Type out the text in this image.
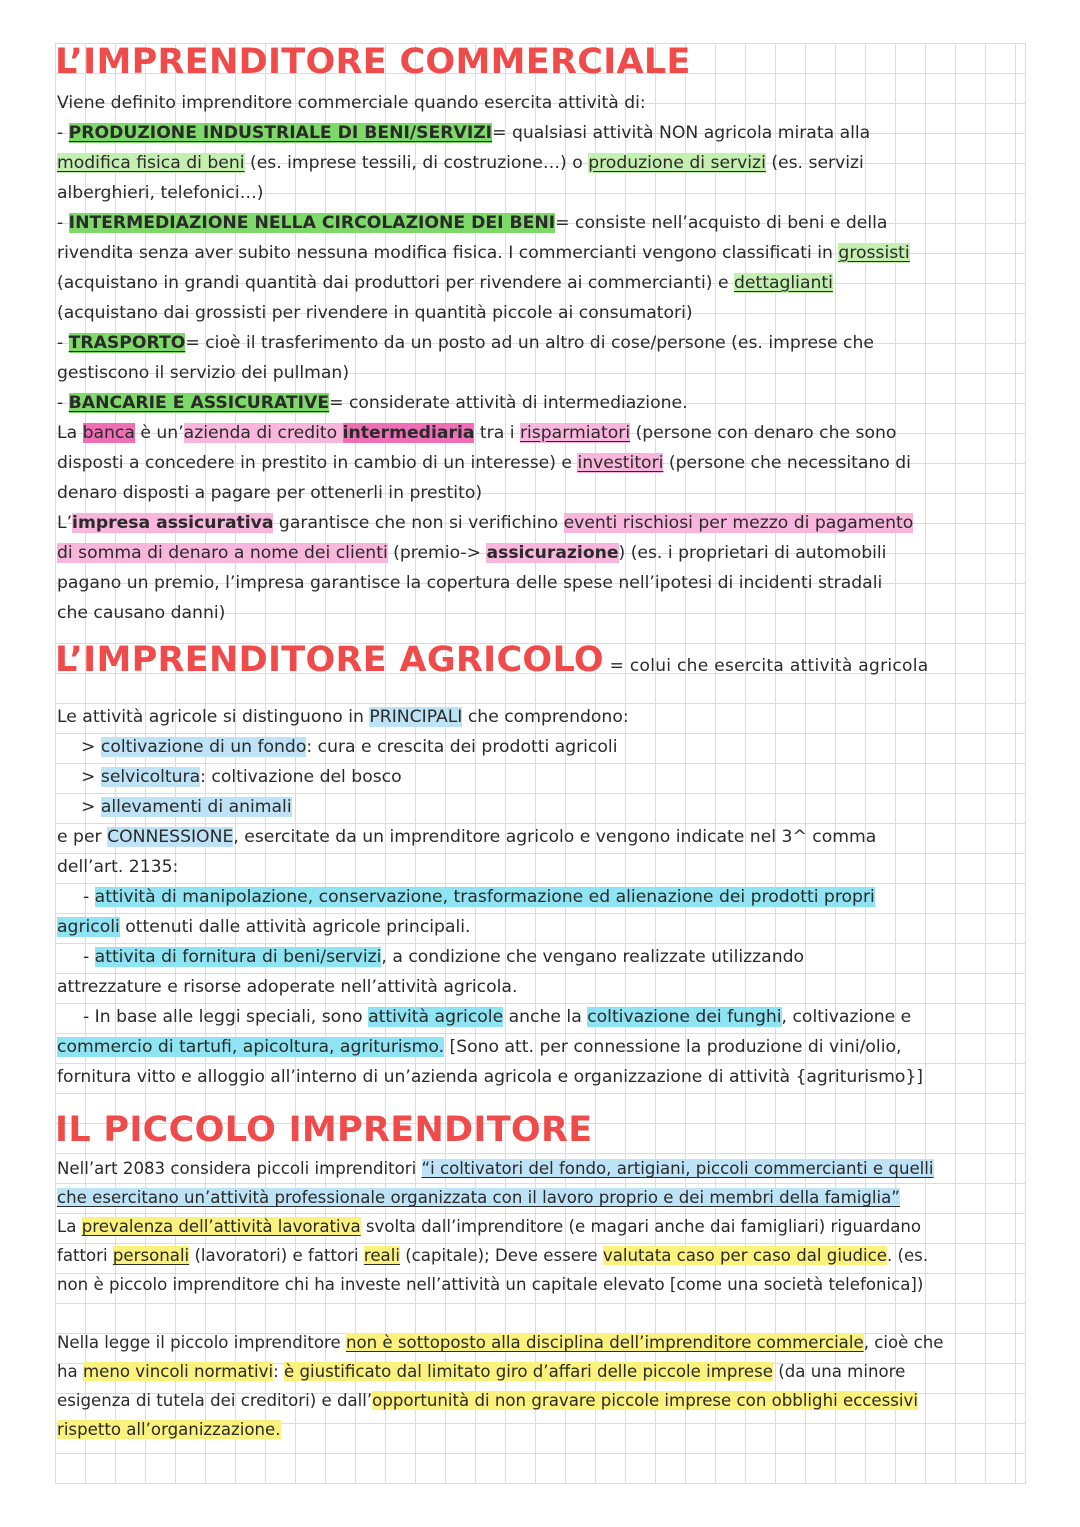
L’IMPRENDITORE COMMERCIALE
Viene definito imprenditore commerciale quando esercita attività di:
- PRODUZIONE INDUSTRIALE DI BENI/SERVIZI= qualsiasi attività NON agricola mirata alla
modifica fisica di beni (es. imprese tessili, di costruzione…) o produzione di servizi (es. servizi
alberghieri, telefonici…)
- INTERMEDIAZIONE NELLA CIRCOLAZIONE DEI BENI= consiste nell’acquisto di beni e della
rivendita senza aver subito nessuna modifica fisica. I commercianti vengono classificati in grossisti
(acquistano in grandi quantità dai produttori per rivendere ai commercianti) e dettaglianti
(acquistano dai grossisti per rivendere in quantità piccole ai consumatori)
- TRASPORTO= cioè il trasferimento da un posto ad un altro di cose/persone (es. imprese che
gestiscono il servizio dei pullman)
- BANCARIE E ASSICURATIVE= considerate attività di intermediazione.
La banca è un’azienda di credito intermediaria tra i risparmiatori (persone con denaro che sono
disposti a concedere in prestito in cambio di un interesse) e investitori (persone che necessitano di
denaro disposti a pagare per ottenerli in prestito)
L’impresa assicurativa garantisce che non si verifichino eventi rischiosi per mezzo di pagamento
di somma di denaro a nome dei clienti (premio-> assicurazione) (es. i proprietari di automobili
pagano un premio, l’impresa garantisce la copertura delle spese nell’ipotesi di incidenti stradali
che causano danni)
L’IMPRENDITORE AGRICOLO = colui che esercita attività agricola
Le attività agricole si distinguono in PRINCIPALI che comprendono:
> coltivazione di un fondo: cura e crescita dei prodotti agricoli
> selvicoltura: coltivazione del bosco
> allevamenti di animali
e per CONNESSIONE, esercitate da un imprenditore agricolo e vengono indicate nel 3^ comma
dell’art. 2135:
- attività di manipolazione, conservazione, trasformazione ed alienazione dei prodotti propri
agricoli ottenuti dalle attività agricole principali.
- attivita di fornitura di beni/servizi, a condizione che vengano realizzate utilizzando
attrezzature e risorse adoperate nell’attività agricola.
- In base alle leggi speciali, sono attività agricole anche la coltivazione dei funghi, coltivazione e
commercio di tartufi, apicoltura, agriturismo. [Sono att. per connessione la produzione di vini/olio,
fornitura vitto e alloggio all’interno di un’azienda agricola e organizzazione di attività {agriturismo}]
IL PICCOLO IMPRENDITORE
Nell’art 2083 considera piccoli imprenditori “i coltivatori del fondo, artigiani, piccoli commercianti e quelli
che esercitano un’attività professionale organizzata con il lavoro proprio e dei membri della famiglia”
La prevalenza dell’attività lavorativa svolta dall’imprenditore (e magari anche dai famigliari) riguardano
fattori personali (lavoratori) e fattori reali (capitale); Deve essere valutata caso per caso dal giudice. (es.
non è piccolo imprenditore chi ha investe nell’attività un capitale elevato [come una società telefonica])
Nella legge il piccolo imprenditore non è sottoposto alla disciplina dell’imprenditore commerciale, cioè che
ha meno vincoli normativi: è giustificato dal limitato giro d’affari delle piccole imprese (da una minore
esigenza di tutela dei creditori) e dall’opportunità di non gravare piccole imprese con obblighi eccessivi
rispetto all’organizzazione.
